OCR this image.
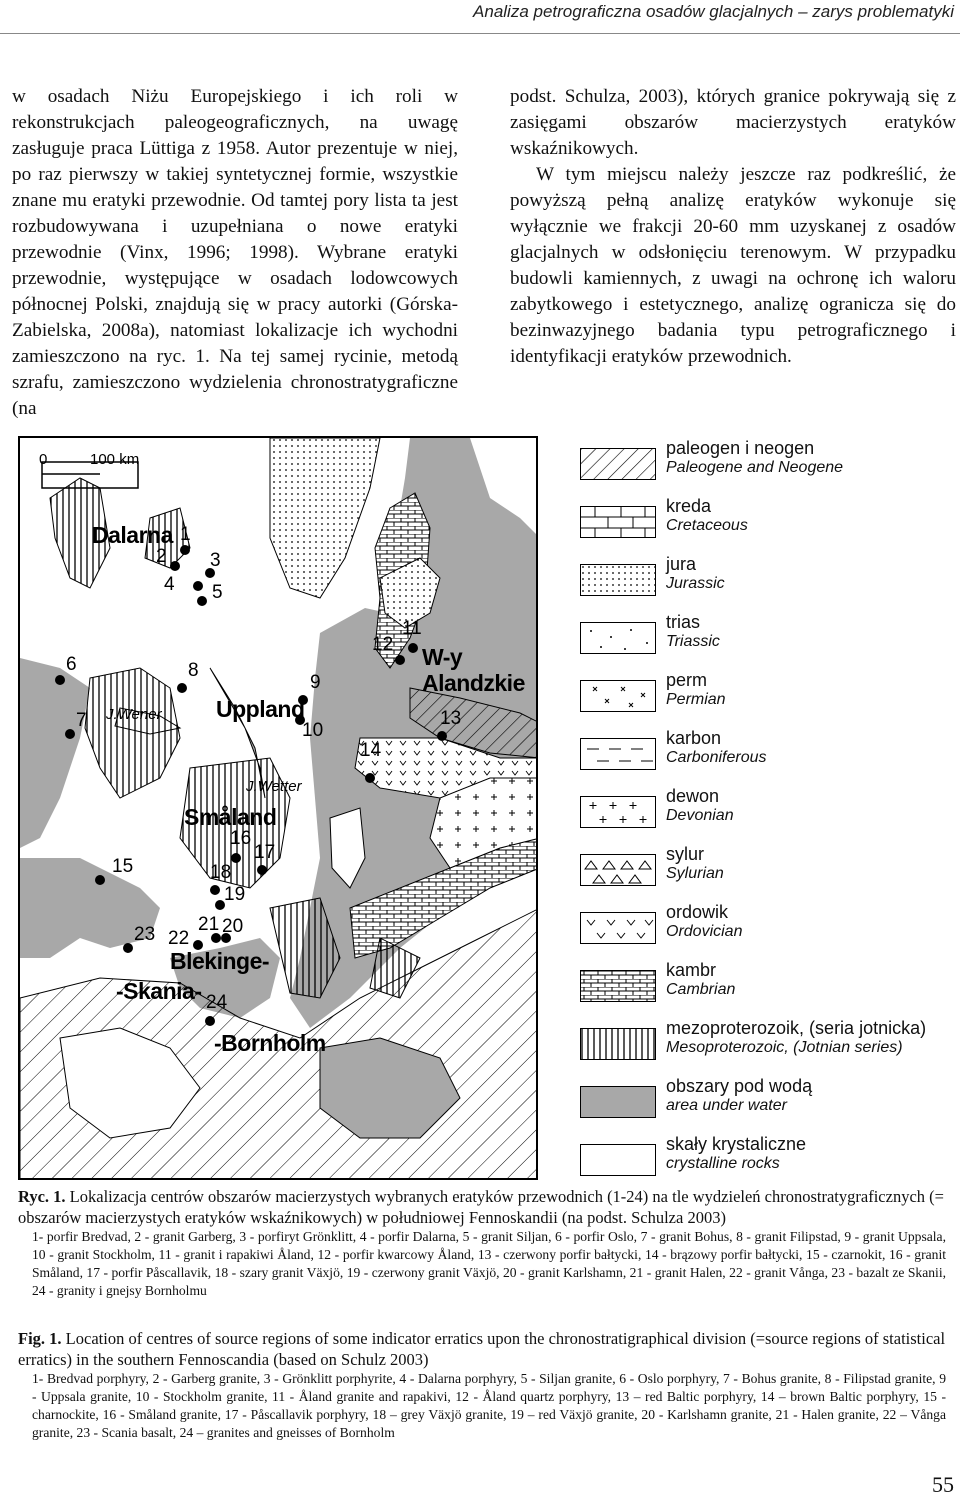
Analiza petrograficzna osadów glacjalnych – zarys problematyki

w osadach Niżu Europejskiego i ich roli w rekonstrukcjach paleogeograficznych, na uwagę zasługuje praca Lüttiga z 1958. Autor prezentuje w niej, po raz pierwszy w takiej syntetycznej formie, wszystkie znane mu eratyki przewodnie. Od tamtej pory lista ta jest rozbudowywana i uzupełniana o nowe eratyki przewodnie (Vinx, 1996; 1998). Wybrane eratyki przewodnie, występujące w osadach lodowcowych północnej Polski, znajdują się w pracy autorki (Górska-Zabielska, 2008a), natomiast lokalizacje ich wychodni zamieszczono na ryc. 1. Na tej samej rycinie, metodą szrafu, zamieszczono wydzielenia chronostratygraficzne (na

podst. Schulza, 2003), których granice pokrywają się z zasięgami obszarów macierzystych eratyków wskaźnikowych.

W tym miejscu należy jeszcze raz podkreślić, że powyższą pełną analizę eratyków wykonuje się wyłącznie we frakcji 20-60 mm uzyskanej z osadów glacjalnych w odsłonięciu terenowym. W przypadku budowli kamiennych, z uwagi na ochronę ich waloru zabytkowego i estetycznego, analizę ogranicza się do bezinwazyjnego badania typu petrograficznego i identyfikacji eratyków przewodnich.

0	100 km
Dalarna
Uppland
Småland
W-y
Alandzkie
Blekinge-
-Skania-
-Bornholm
J.Wener
J.Wetter
1
2 3
4 5
6
7
8
9
10
11
12
13
14
15
16
17
18
19
20
21
22
23
24
paleogen i neogen
Paleogene and Neogene
kreda
Cretaceous
jura
Jurassic
trias
Triassic
perm
Permian
karbon
Carboniferous
dewon
Devonian
sylur
Sylurian
ordowik
Ordovician
kambr
Cambrian
mezoproterozoik, (seria jotnicka)
Mesoproterozoic, (Jotnian series)
obszary pod wodą
area under water
skały krystaliczne
crystalline rocks
Ryc. 1. Lokalizacja centrów obszarów macierzystych wybranych eratyków przewodnich (1-24) na tle wydzieleń chronostratygraficznych (= obszarów macierzystych eratyków wskaźnikowych) w południowej Fennoskandii (na podst. Schulza 2003)
1- porfir Bredvad, 2 - granit Garberg, 3 - porfiryt Grönklitt, 4 - porfir Dalarna, 5 - granit Siljan, 6 - porfir Oslo, 7 - granit Bohus, 8 - granit Filipstad, 9 - granit Uppsala, 10 - granit Stockholm, 11 - granit i rapakiwi Åland, 12 - porfir kwarcowy Åland, 13 - czerwony porfir bałtycki, 14 - brązowy porfir bałtycki, 15 - czarnokit, 16 - granit Småland, 17 - porfir Påscallavik, 18 - szary granit Växjö, 19 - czerwony granit Växjö, 20 - granit Karlshamn, 21 - granit Halen, 22 - granit Vånga, 23 - bazalt ze Skanii, 24 - granity i gnejsy Bornholmu
Fig. 1. Location of centres of source regions of some indicator erratics upon the chronostratigraphical division (=source regions of statistical erratics) in the southern Fennoscandia (based on Schulz 2003)
1- Bredvad porphyry, 2 - Garberg granite, 3 - Grönklitt porphyrite, 4 - Dalarna porphyry, 5 - Siljan granite, 6 - Oslo porphyry, 7 - Bohus granite, 8 - Filipstad granite, 9 - Uppsala granite, 10 - Stockholm granite, 11 - Åland granite and rapakivi, 12 - Åland quartz porphyry, 13 – red Baltic porphyry, 14 – brown Baltic porphyry, 15 - charnockite, 16 - Småland granite, 17 - Påscallavik porphyry, 18 – grey Växjö granite, 19 – red Växjö granite, 20 - Karlshamn granite, 21 - Halen granite, 22 – Vånga granite, 23 - Scania basalt, 24 – granites and gneisses of Bornholm
55
